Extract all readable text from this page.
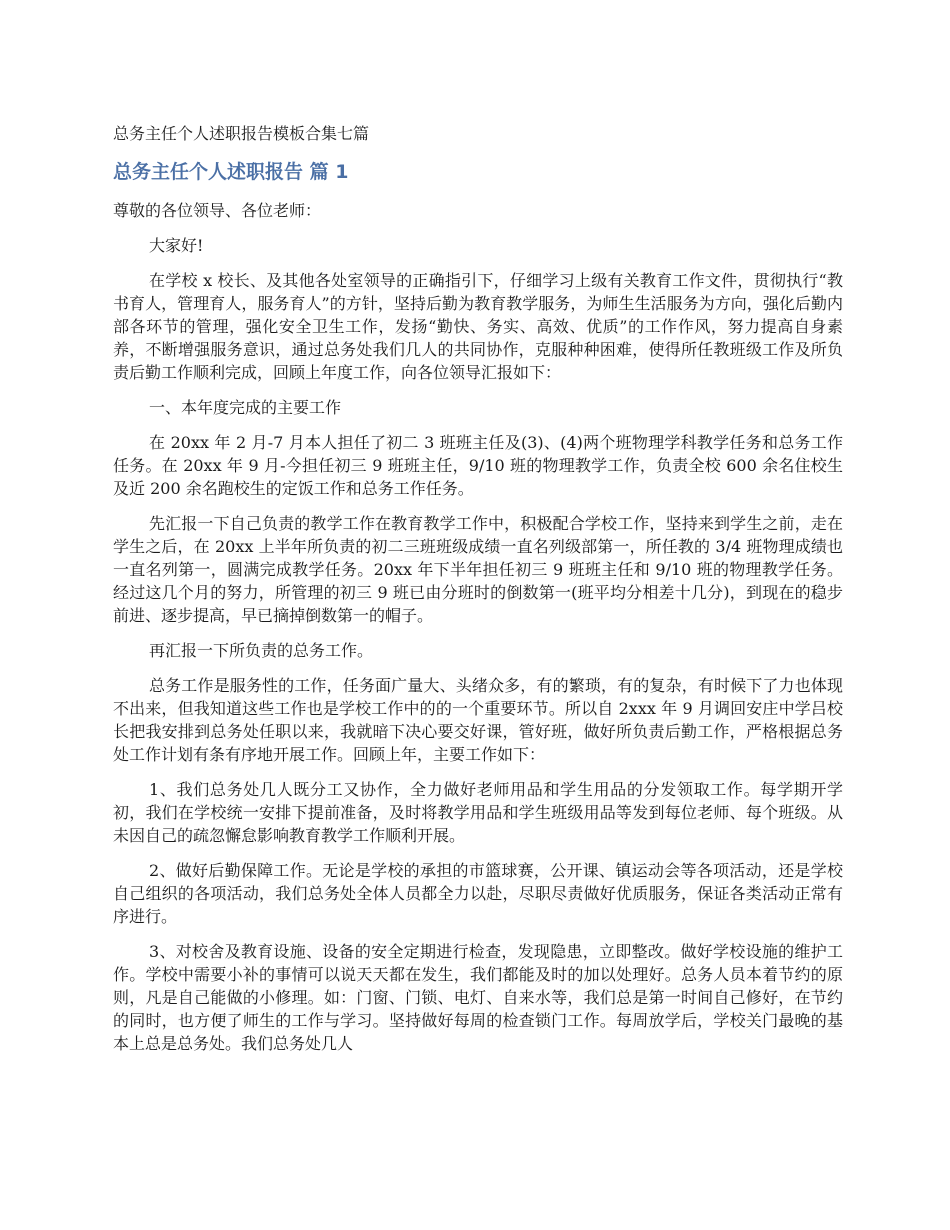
总务主任个人述职报告模板合集七篇
总务主任个人述职报告 篇 1
尊敬的各位领导、各位老师：

大家好!

在学校 x 校长、及其他各处室领导的正确指引下，仔细学习上级有关教育工作文件，贯彻执行“教书育人，管理育人，服务育人”的方针，坚持后勤为教育教学服务，为师生生活服务为方向，强化后勤内部各环节的管理，强化安全卫生工作，发扬“勤快、务实、高效、优质”的工作作风，努力提高自身素养，不断增强服务意识，通过总务处我们几人的共同协作，克服种种困难，使得所任教班级工作及所负责后勤工作顺利完成，回顾上年度工作，向各位领导汇报如下：

一、本年度完成的主要工作

在 20xx 年 2 月-7 月本人担任了初二 3 班班主任及(3)、(4)两个班物理学科教学任务和总务工作任务。在 20xx 年 9 月-今担任初三 9 班班主任，9/10 班的物理教学工作，负责全校 600 余名住校生及近 200 余名跑校生的定饭工作和总务工作任务。

先汇报一下自己负责的教学工作在教育教学工作中，积极配合学校工作，坚持来到学生之前，走在学生之后，在 20xx 上半年所负责的初二三班班级成绩一直名列级部第一，所任教的 3/4 班物理成绩也一直名列第一，圆满完成教学任务。20xx 年下半年担任初三 9 班班主任和 9/10 班的物理教学任务。经过这几个月的努力，所管理的初三 9 班已由分班时的倒数第一(班平均分相差十几分)，到现在的稳步前进、逐步提高，早已摘掉倒数第一的帽子。

再汇报一下所负责的总务工作。

总务工作是服务性的工作，任务面广量大、头绪众多，有的繁琐，有的复杂，有时候下了力也体现不出来，但我知道这些工作也是学校工作中的的一个重要环节。所以自 2xxx 年 9 月调回安庄中学吕校长把我安排到总务处任职以来，我就暗下决心要交好课，管好班，做好所负责后勤工作，严格根据总务处工作计划有条有序地开展工作。回顾上年，主要工作如下：

1、我们总务处几人既分工又协作，全力做好老师用品和学生用品的分发领取工作。每学期开学初，我们在学校统一安排下提前准备，及时将教学用品和学生班级用品等发到每位老师、每个班级。从未因自己的疏忽懈怠影响教育教学工作顺利开展。

2、做好后勤保障工作。无论是学校的承担的市篮球赛，公开课、镇运动会等各项活动，还是学校自己组织的各项活动，我们总务处全体人员都全力以赴，尽职尽责做好优质服务，保证各类活动正常有序进行。

3、对校舍及教育设施、设备的安全定期进行检查，发现隐患，立即整改。做好学校设施的维护工作。学校中需要小补的事情可以说天天都在发生，我们都能及时的加以处理好。总务人员本着节约的原则，凡是自己能做的小修理。如：门窗、门锁、电灯、自来水等，我们总是第一时间自己修好，在节约的同时，也方便了师生的工作与学习。坚持做好每周的检查锁门工作。每周放学后，学校关门最晚的基本上总是总务处。我们总务处几人
